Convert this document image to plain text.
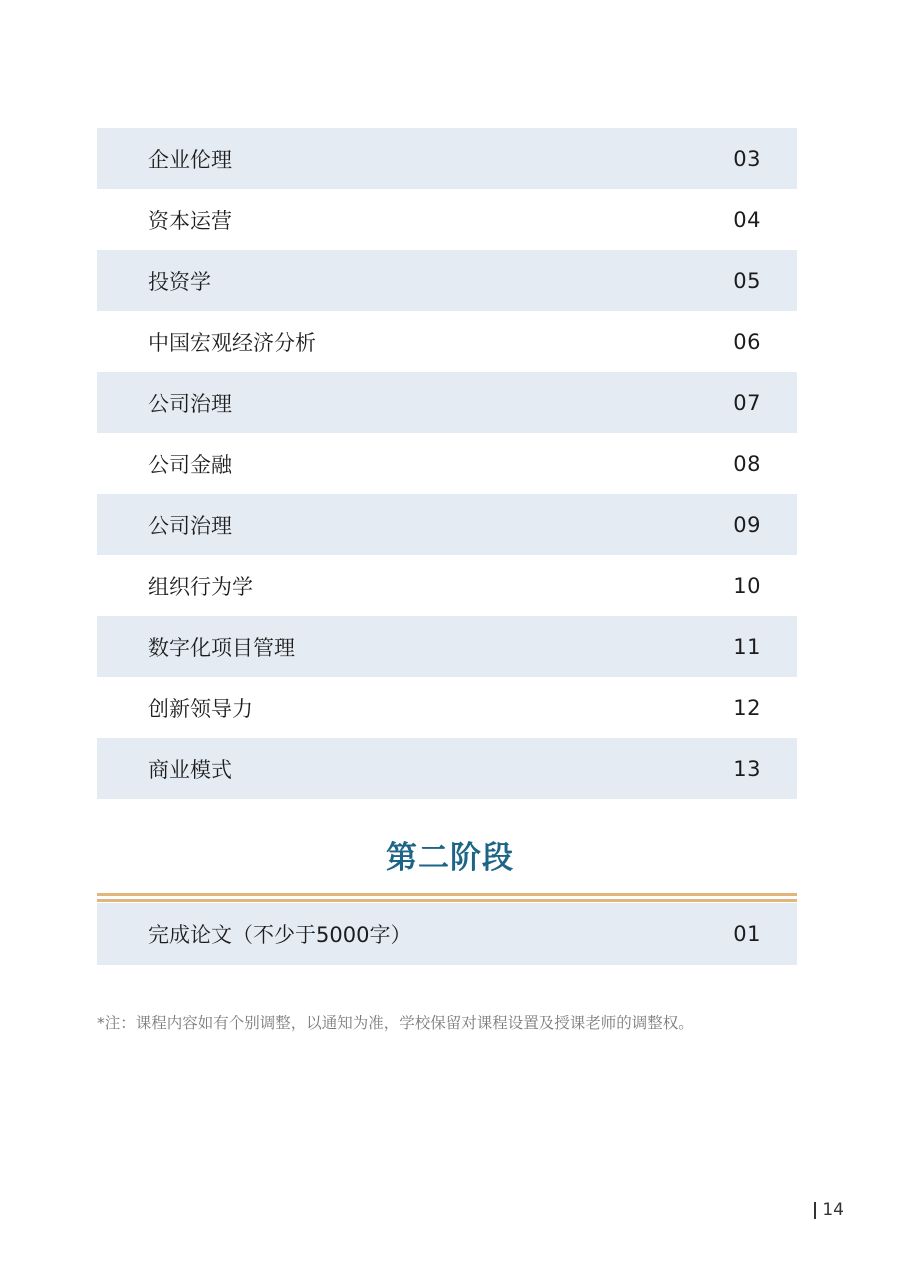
企业伦理	03
资本运营	04
投资学	05
中国宏观经济分析	06
公司治理	07
公司金融	08
公司治理	09
组织行为学	10
数字化项目管理	11
创新领导力	12
商业模式	13
第二阶段
完成论文（不少于5000字）	01
*注：课程内容如有个别调整，以通知为准，学校保留对课程设置及授课老师的调整权。
14
